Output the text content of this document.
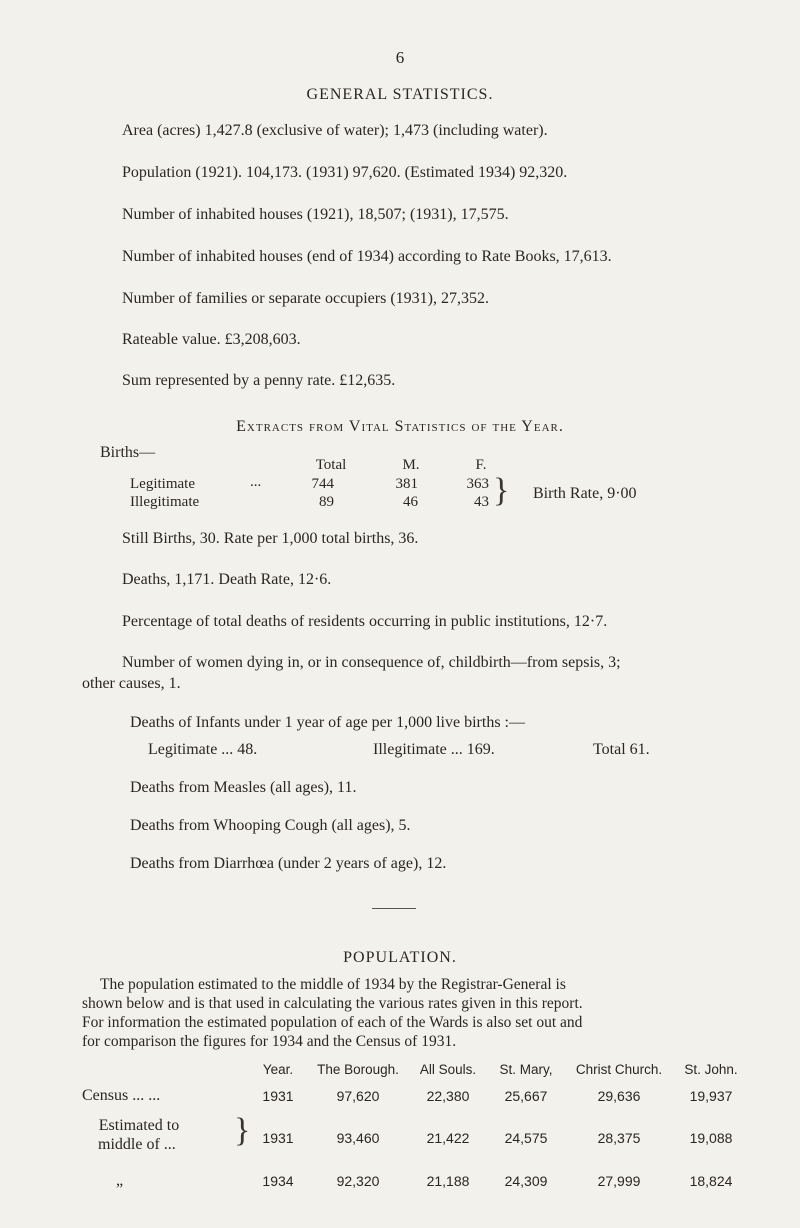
6
GENERAL STATISTICS.
Area (acres) 1,427.8 (exclusive of water); 1,473 (including water).
Population (1921). 104,173. (1931) 97,620. (Estimated 1934) 92,320.
Number of inhabited houses (1921), 18,507; (1931), 17,575.
Number of inhabited houses (end of 1934) according to Rate Books, 17,613.
Number of families or separate occupiers (1931), 27,352.
Rateable value. £3,208,603.
Sum represented by a penny rate. £12,635.
Extracts from Vital Statistics of the Year.
Births—
Total	M.	F.
Legitimate	...	744	381	363
Illegitimate	89	46	43 } Birth Rate, 9·00
Still Births, 30. Rate per 1,000 total births, 36.
Deaths, 1,171. Death Rate, 12·6.
Percentage of total deaths of residents occurring in public institutions, 12·7.
Number of women dying in, or in consequence of, childbirth—from sepsis, 3;
other causes, 1.
Deaths of Infants under 1 year of age per 1,000 live births :—
Legitimate ... 48.	Illegitimate ... 169.	Total 61.
Deaths from Measles (all ages), 11.
Deaths from Whooping Cough (all ages), 5.
Deaths from Diarrhœa (under 2 years of age), 12.
POPULATION.
The population estimated to the middle of 1934 by the Registrar-General is
shown below and is that used in calculating the various rates given in this report.
For information the estimated population of each of the Wards is also set out and
for comparison the figures for 1934 and the Census of 1931.
Year.	The Borough.	All Souls.	St. Mary,	Christ Church.	St. John.
Census ... ...	1931	97,620	22,380	25,667	29,636	19,937
Estimated to
middle of ... } 1931	93,460	21,422	24,575	28,375	19,088
„	1934	92,320	21,188	24,309	27,999	18,824
